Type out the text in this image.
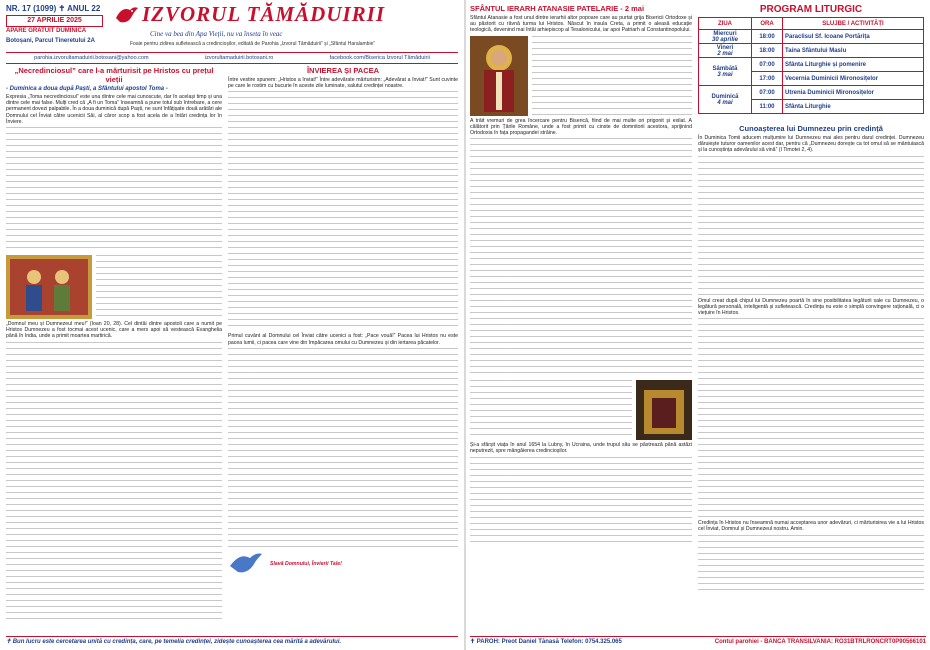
NR. 17 (1099) ✝ ANUL 22
27 APRILIE 2025
APARE GRATUIT DUMINICA
Botoșani, Parcul Tineretului 2A
IZVORUL TĂMĂDUIRII
Cine va bea din Apa Vieții, nu va înseta în veac
Foaie pentru zidirea sufletească a credincioșilor, editată de Parohia „Izvorul Tămăduirii” și „Sfântul Haralambie”
parohia.izvorultamaduirii.botosani@yahoo.com	izvorultamaduirii.botosani.ro	facebook.com/Biserica Izvorul Tămăduirii
„Necredinciosul” care l-a mărturisit pe Hristos cu prețul vieții
- Duminica a doua după Paști, a Sfântului apostol Toma -

Expresia „Toma necredinciosul” este una dintre cele mai cunoscute, dar în același timp și una dintre cele mai false. Mulți cred că „A fi un Toma” înseamnă a pune totul sub întrebare, a cere permanent dovezi palpabile. În a doua duminică după Paști, ne sunt înfățișate două arătări ale Domnului cel Înviat către ucenicii Săi, al căror scop a fost acela de a întări credința lor în Înviere.

„Domnul meu și Dumnezeul meu!” (Ioan 20, 28). Cel dintâi dintre apostoli care a numit pe Hristos Dumnezeu a fost tocmai acest ucenic, care a mers apoi să vestească Evanghelia până în India, unde a primit moartea martirică.

ÎNVIEREA ȘI PACEA

Între vestire spunem: „Hristos a înviat!” Între adevărate mărturisim: „Adevărat a înviat!” Sunt cuvinte pe care le rostim cu bucurie în aceste zile luminate, salutul credinței noastre.

Primul cuvânt al Domnului cel Înviat către ucenici a fost: „Pace vouă!” Pacea lui Hristos nu este pacea lumii, ci pacea care vine din împăcarea omului cu Dumnezeu și din iertarea păcatelor.

Slavă Domnului, Învierii Tale!
✝ Bun lucru este cercetarea unită cu credința, care, pe temelia credinței, zidește cunoașterea cea mărită a adevărului.
SFÂNTUL IERARH ATANASIE PATELARIE - 2 mai

Sfântul Atanasie a fost unul dintre ierarhii altor popoare care au purtat grija Bisericii Ortodoxe și au păstorit cu râvnă turma lui Hristos. Născut în insula Creta, a primit o aleasă educație teologică, devenind mai întâi arhiepiscop al Tesalonicului, iar apoi Patriarh al Constantinopolului.

A trăit vremuri de grea încercare pentru Biserică, fiind de mai multe ori prigonit și exilat. A călătorit prin Țările Române, unde a fost primit cu cinste de domnitorii acestora, sprijinind Ortodoxia în fața propagandei străine.

Și-a sfârșit viața în anul 1654 la Lubny, în Ucraina, unde trupul său se păstrează până astăzi neputrezit, spre mângâierea credincioșilor.

PROGRAM LITURGIC
ZIUA	ORA	SLUJBE / ACTIVITĂȚI
Miercuri
30 aprilie	18:00	Paraclisul Sf. Icoane Portărița
Vineri
2 mai	18:00	Taina Sfântului Maslu
Sâmbătă
3 mai	07:00	Sfânta Liturghie și pomenire
	17:00	Vecernia Duminicii Mironosițelor
Duminică
4 mai	07:00	Utrenia Duminicii Mironosițelor
	11:00	Sfânta Liturghie
Cunoașterea lui Dumnezeu prin credință

În Duminica Tomii aducem mulțumire lui Dumnezeu mai ales pentru darul credinței. Dumnezeu dăruiește tuturor oamenilor acest dar, pentru că „Dumnezeu dorește ca tot omul să se mântuiască și la cunoștința adevărului să vină” (I Timotei 2, 4).

Omul creat după chipul lui Dumnezeu poartă în sine posibilitatea legăturii sale cu Dumnezeu, o legătură personală, inteligentă și sufletească. Credința nu este o simplă convingere rațională, ci o viețuire în Hristos.

Credința în Hristos nu înseamnă numai acceptarea unor adevăruri, ci mărturisirea vie a lui Hristos cel Înviat, Domnul și Dumnezeul nostru. Amin.

✝ PAROH: Preot Daniel Tănasă Telefon: 0754.325.065	Contul parohiei - BANCA TRANSILVANIA: RO31BTRLRONCRT0P90566101
